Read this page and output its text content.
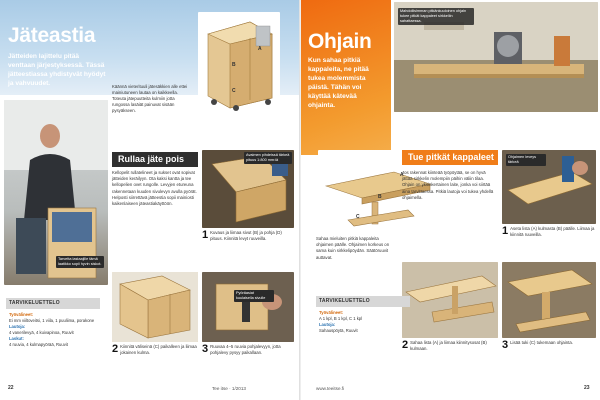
Jäteastia
Jätteiden lajittelu pitää venttaan järjestyksessä. Tässä jätteestiassa yhdistyvät hyödyt ja vahvuudet.
A
B
C
Käännä vieterituuli jätesäkkien alle ettei mainiutuneen lautaa on kaikkeella. Toteuta jätepuutteita kulmiin jotta rungossa lasäiät painuvat sisään pysyäkseen.
Tarvetta lastaajille tämä laatikko sopii hyvin siskot.
Rullaa jäte pois
Kellopelit rullatelineet ja sukset ovat sopivat jätteiden keräilyyn. Ota kaksi kantta ja tee kellopelien ovet rungolle. Levyjen etureuna rakennetaan kuuden sivulevyn avulla pyörät. Helposti siirrettävä jätteestia sopii mainiosti kaikenlaiseen jäteastiakäyttöön.
Avaimen pihdeissä tärkeä pituus 1:800 mm:iä
1 Kuvaus ja liimaa sivut (B) ja pohja (D) pituus. Kiinnitä levyt ruuveilla.
2 Kiinnitä väliseinä (C) paikalleen ja liimaa jokainen kulma.
Pyöräasiat kuulaisella sivulle
3 Ruuvaa 4–5 ruuvia pohjalevyyn, jotta pohjalevy pysyy paikallaan.
TARVIKELUETTELO
Työvälineet:
Ei mm viiltoveitsi, 1 viila, 1 puuliima, porakone
Lautoja:
4 vanerilevyä, 4 kuivapinoa, Ruuvit
Laskut:
4 ruuvia, 4 kulmapyörää, Ruuvit
22	Tee itse · 1/2013
Ohjain
Kun sahaa pitkiä kappaleita, ne pitää tukea molemmista päistä. Tähän voi käyttää kätevää ohjainta.
Mahdollisimman pitkänkuuloinen ohjain tukee pitkät kappaleet sirkkeliin sahattaessa.
A
B
C
Sahaa mieluiten pitkiä kappaleita ohjaimen päälle. Ohjaimen korkeus on sama kuin sirkkelipöydän. Säätöruuvit auttavat.
Tue pitkät kappaleet
Jos rakennat kiinteää työpöytää, se on hyvä jättää sirkkelin molempiin päihin väliin tilaa. Ohjain on yksinkertainen laite, jonka voi siirtää aina tarvittaessa. Pitkiä lautoja voi tukea yhdellä ohjaimella.
Ohjaimen leveys tärkeä
1 Aseta lista (A) kulmasta (B) päälle. Liimaa ja kiinnitä ruuveilla.
2 Sahaa lista (A) ja liimaa kiinnitysosat (B) kulmaan.	3 Lisää tuki (C) tukemaan ohjainta.
TARVIKELUETTELO
Työvälineet:
A 1 kpl, B 1 kpl, C 1 kpl
Lautoja:
Sahauspöytä, Ruuvit
www.teeitse.fi	23
